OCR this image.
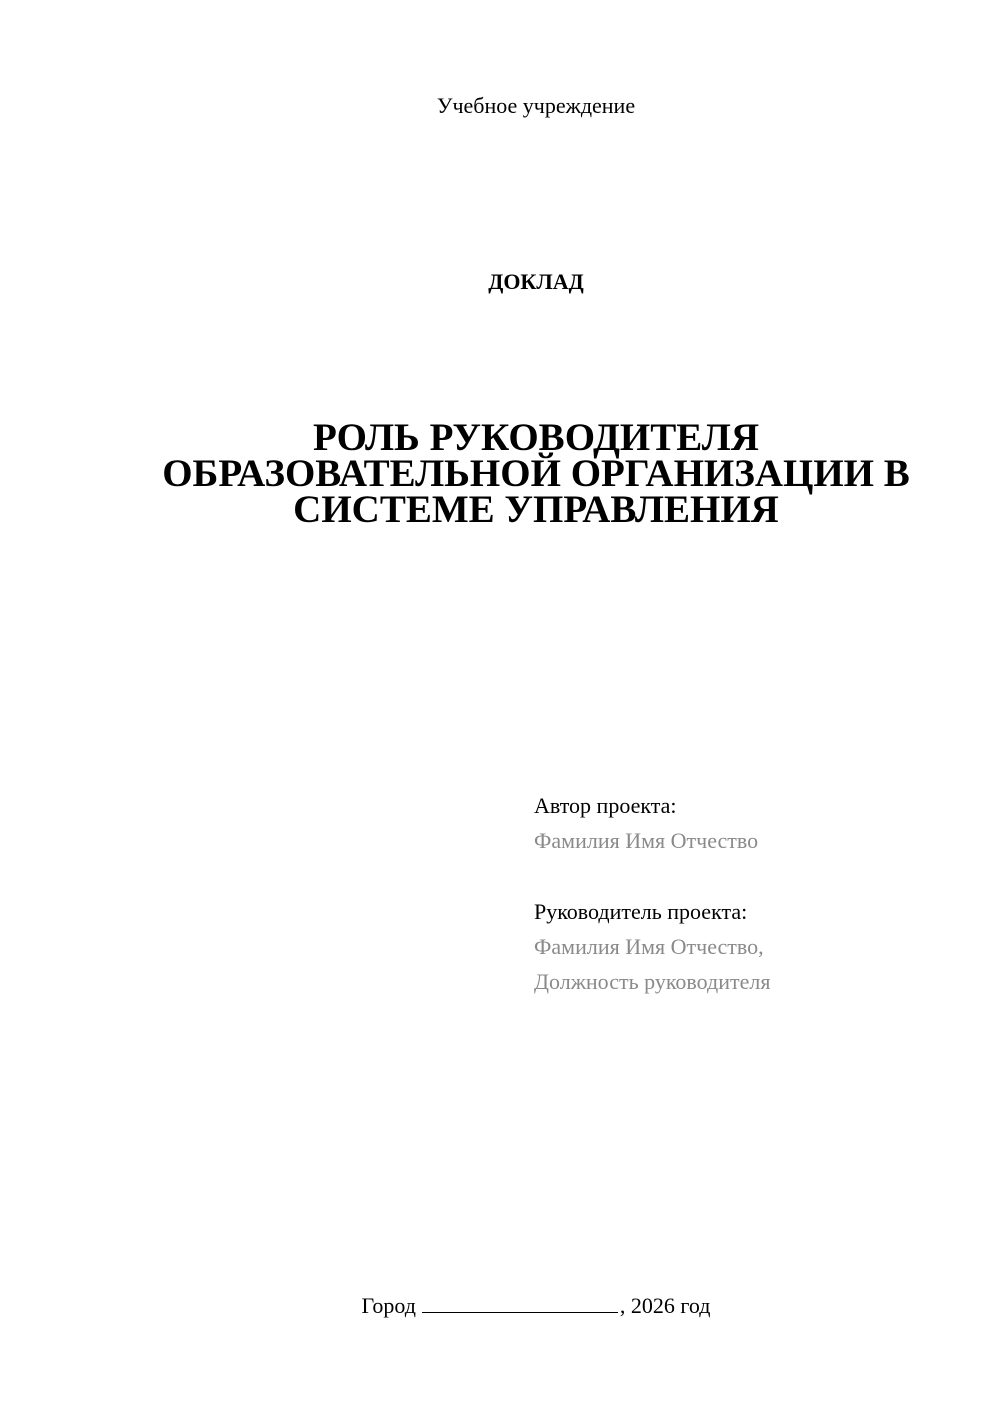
Учебное учреждение
ДОКЛАД
РОЛЬ РУКОВОДИТЕЛЯ
ОБРАЗОВАТЕЛЬНОЙ ОРГАНИЗАЦИИ В
СИСТЕМЕ УПРАВЛЕНИЯ
Автор проекта:
Фамилия Имя Отчество
Руководитель проекта:
Фамилия Имя Отчество,
Должность руководителя
Город	, 2026 год
